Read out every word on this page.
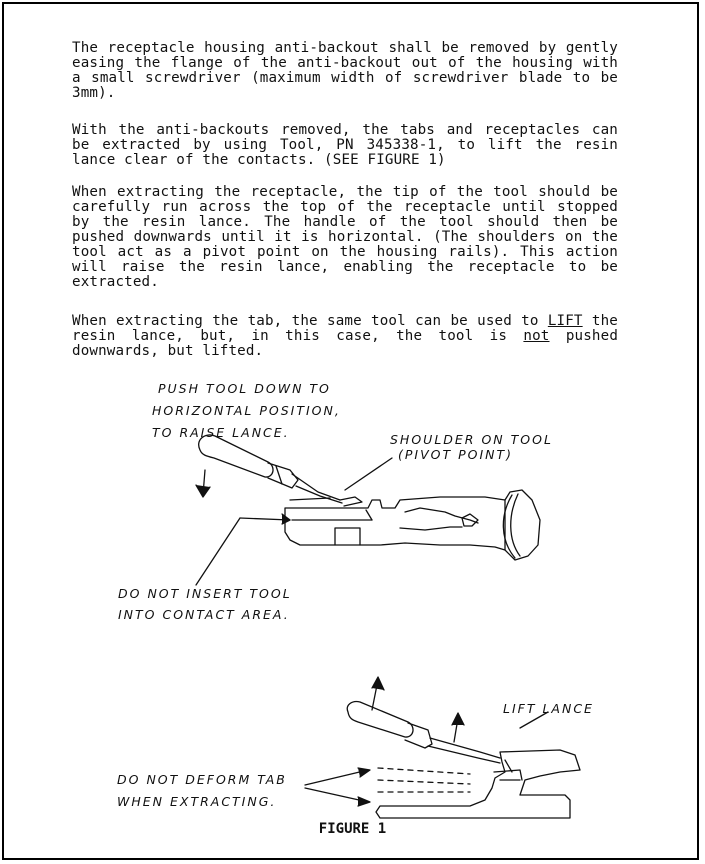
The receptacle housing anti-backout shall be removed by gently easing the flange of the anti-backout out of the housing with a small screwdriver (maximum width of screwdriver blade to be 3mm).
With the anti-backouts removed, the tabs and receptacles can be extracted by using Tool, PN 345338-1, to lift the resin lance clear of the contacts. (SEE FIGURE 1)
When extracting the receptacle, the tip of the tool should be carefully run across the top of the receptacle until stopped by the resin lance. The handle of the tool should then be pushed downwards until it is horizontal. (The shoulders on the tool act as a pivot point on the housing rails). This action will raise the resin lance, enabling the receptacle to be extracted.
When extracting the tab, the same tool can be used to LIFT the resin lance, but, in this case, the tool is not pushed downwards, but lifted.
PUSH TOOL DOWN TO
HORIZONTAL POSITION,
TO RAISE LANCE.	SHOULDER ON TOOL
(PIVOT POINT)
DO NOT INSERT TOOL
INTO CONTACT AREA.
LIFT LANCE
DO NOT DEFORM TAB
WHEN EXTRACTING.
FIGURE 1
